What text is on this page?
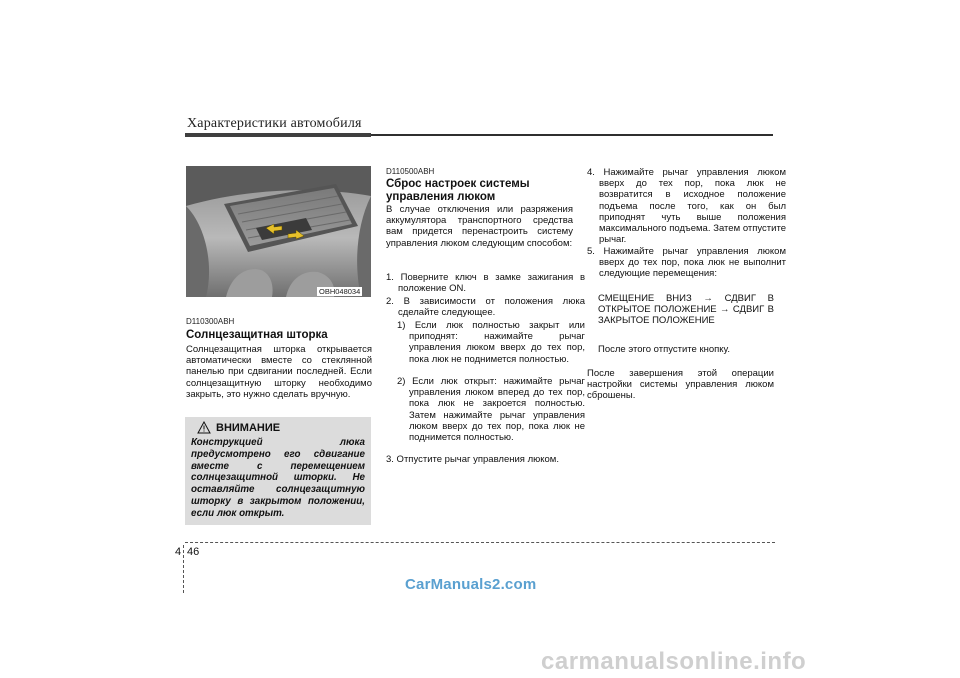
Характеристики автомобиля
OBH048034
D110300ABH
Солнцезащитная шторка
Солнцезащитная шторка открывается автоматически вместе со стеклянной панелью при сдвигании последней. Если солнцезащитную шторку необходимо закрыть, это нужно сделать вручную.
ВНИМАНИЕ
Конструкцией люка предусмотрено его сдвигание вместе с перемещением солнцезащитной шторки. Не оставляйте солнцезащитную шторку в закрытом положении, если люк открыт.
D110500ABH
Сброс настроек системы управления люком
В случае отключения или разряжения аккумулятора транспортного средства вам придется перенастроить систему управления люком следующим способом:
1. Поверните ключ в замке зажигания в положение ON.
2. В зависимости от положения люка сделайте следующее.
1) Если люк полностью закрыт или приподнят: нажимайте рычаг управления люком вверх до тех пор, пока люк не поднимется полностью.
2) Если люк открыт: нажимайте рычаг управления люком вперед до тех пор, пока люк не закроется полностью. Затем нажимайте рычаг управления люком вверх до тех пор, пока люк не поднимется полностью.
3. Отпустите рычаг управления люком.
4. Нажимайте рычаг управления люком вверх до тех пор, пока люк не возвратится в исходное положение подъема после того, как он был приподнят чуть выше положения максимального подъема. Затем отпустите рычаг.
5. Нажимайте рычаг управления люком вверх до тех пор, пока люк не выполнит следующие перемещения:
СМЕЩЕНИЕ ВНИЗ → СДВИГ В ОТКРЫТОЕ ПОЛОЖЕНИЕ → СДВИГ В ЗАКРЫТОЕ ПОЛОЖЕНИЕ
После этого отпустите кнопку.
После завершения этой операции настройки системы управления люком сброшены.
4 46
CarManuals2.com
carmanualsonline.info
